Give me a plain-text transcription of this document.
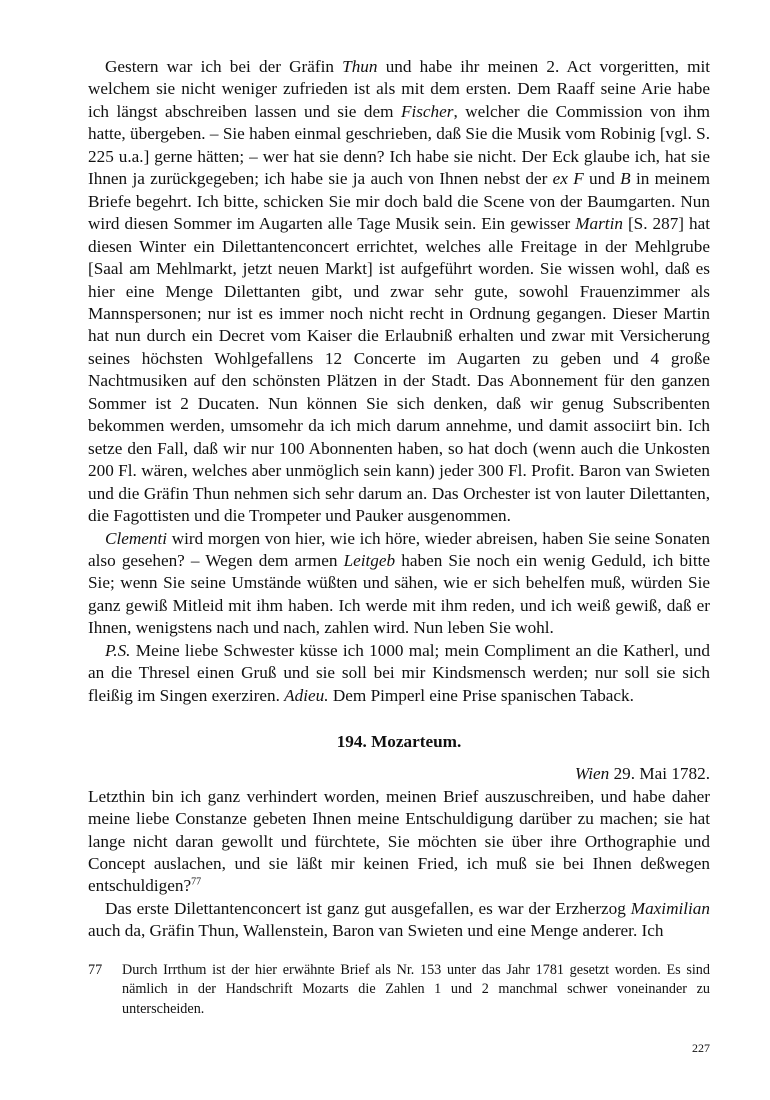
Gestern war ich bei der Gräfin Thun und habe ihr meinen 2. Act vorgeritten, mit welchem sie nicht weniger zufrieden ist als mit dem ersten. Dem Raaff seine Arie habe ich längst abschreiben lassen und sie dem Fischer, welcher die Commission von ihm hatte, übergeben. – Sie haben einmal geschrieben, daß Sie die Musik vom Robinig [vgl. S. 225 u.a.] gerne hätten; – wer hat sie denn? Ich habe sie nicht. Der Eck glaube ich, hat sie Ihnen ja zurückgegeben; ich habe sie ja auch von Ihnen nebst der ex F und B in meinem Briefe begehrt. Ich bitte, schicken Sie mir doch bald die Scene von der Baumgarten. Nun wird diesen Sommer im Augarten alle Tage Musik sein. Ein gewisser Martin [S. 287] hat diesen Winter ein Dilettantenconcert errichtet, welches alle Freitage in der Mehlgrube [Saal am Mehlmarkt, jetzt neuen Markt] ist aufgeführt worden. Sie wissen wohl, daß es hier eine Menge Dilettanten gibt, und zwar sehr gute, sowohl Frauenzimmer als Mannspersonen; nur ist es immer noch nicht recht in Ordnung gegangen. Dieser Martin hat nun durch ein Decret vom Kaiser die Erlaubniß erhalten und zwar mit Versicherung seines höchsten Wohlgefallens 12 Concerte im Augarten zu geben und 4 große Nachtmusiken auf den schönsten Plätzen in der Stadt. Das Abonnement für den ganzen Sommer ist 2 Ducaten. Nun können Sie sich denken, daß wir genug Subscribenten bekommen werden, umsomehr da ich mich darum annehme, und damit associirt bin. Ich setze den Fall, daß wir nur 100 Abonnenten haben, so hat doch (wenn auch die Unkosten 200 Fl. wären, welches aber unmöglich sein kann) jeder 300 Fl. Profit. Baron van Swieten und die Gräfin Thun nehmen sich sehr darum an. Das Orchester ist von lauter Dilettanten, die Fagottisten und die Trompeter und Pauker ausgenommen.

Clementi wird morgen von hier, wie ich höre, wieder abreisen, haben Sie seine Sonaten also gesehen? – Wegen dem armen Leitgeb haben Sie noch ein wenig Geduld, ich bitte Sie; wenn Sie seine Umstände wüßten und sähen, wie er sich behelfen muß, würden Sie ganz gewiß Mitleid mit ihm haben. Ich werde mit ihm reden, und ich weiß gewiß, daß er Ihnen, wenigstens nach und nach, zahlen wird. Nun leben Sie wohl.

P.S. Meine liebe Schwester küsse ich 1000 mal; mein Compliment an die Katherl, und an die Thresel einen Gruß und sie soll bei mir Kindsmensch werden; nur soll sie sich fleißig im Singen exerziren. Adieu. Dem Pimperl eine Prise spanischen Taback.

194. Mozarteum.
Wien 29. Mai 1782.

Letzthin bin ich ganz verhindert worden, meinen Brief auszuschreiben, und habe daher meine liebe Constanze gebeten Ihnen meine Entschuldigung darüber zu machen; sie hat lange nicht daran gewollt und fürchtete, Sie möchten sie über ihre Orthographie und Concept auslachen, und sie läßt mir keinen Fried, ich muß sie bei Ihnen deßwegen entschuldigen?$^{77}$

Das erste Dilettantenconcert ist ganz gut ausgefallen, es war der Erzherzog Maximilian auch da, Gräfin Thun, Wallenstein, Baron van Swieten und eine Menge anderer. Ich

77 Durch Irrthum ist der hier erwähnte Brief als Nr. 153 unter das Jahr 1781 gesetzt worden. Es sind nämlich in der Handschrift Mozarts die Zahlen 1 und 2 manchmal schwer voneinander zu unterscheiden.
227
